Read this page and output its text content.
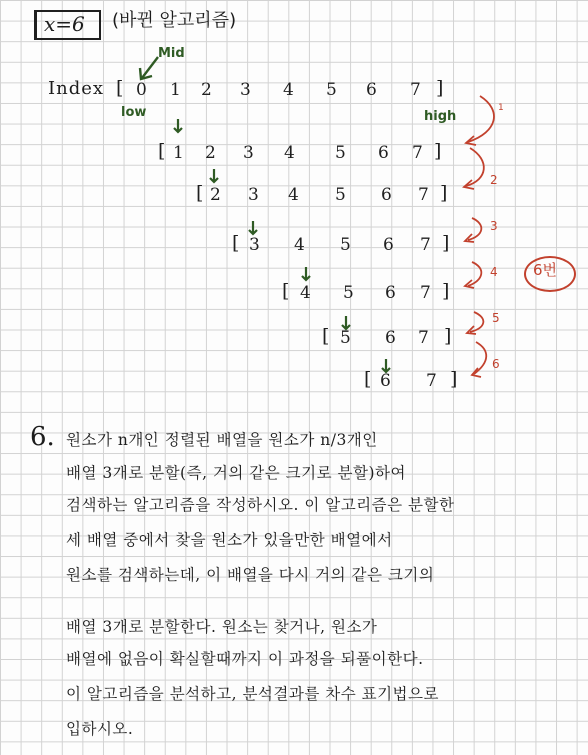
x=6 (바뀐 알고리즘)
Mid
Index
low	high
[ 0 1 2 3 4 5 6 7 ]
[ 1 2 3 4 5 6 7 ]
[ 2 3 4 5 6 7 ]
[ 3 4 5 6 7 ]
[ 4 5 6 7 ]
[ 5 6 7 ]
[ 6 7 ]
1
2
3
4
5
6
6번
6. 원소가 n개인 정렬된 배열을 원소가 n/3개인
배열 3개로 분할(즉, 거의 같은 크기로 분할)하여
검색하는 알고리즘을 작성하시오. 이 알고리즘은 분할한
세 배열 중에서 찾을 원소가 있을만한 배열에서
원소를 검색하는데, 이 배열을 다시 거의 같은 크기의
배열 3개로 분할한다. 원소는 찾거나, 원소가
배열에 없음이 확실할때까지 이 과정을 되풀이한다.
이 알고리즘을 분석하고, 분석결과를 차수 표기법으로
입하시오.
